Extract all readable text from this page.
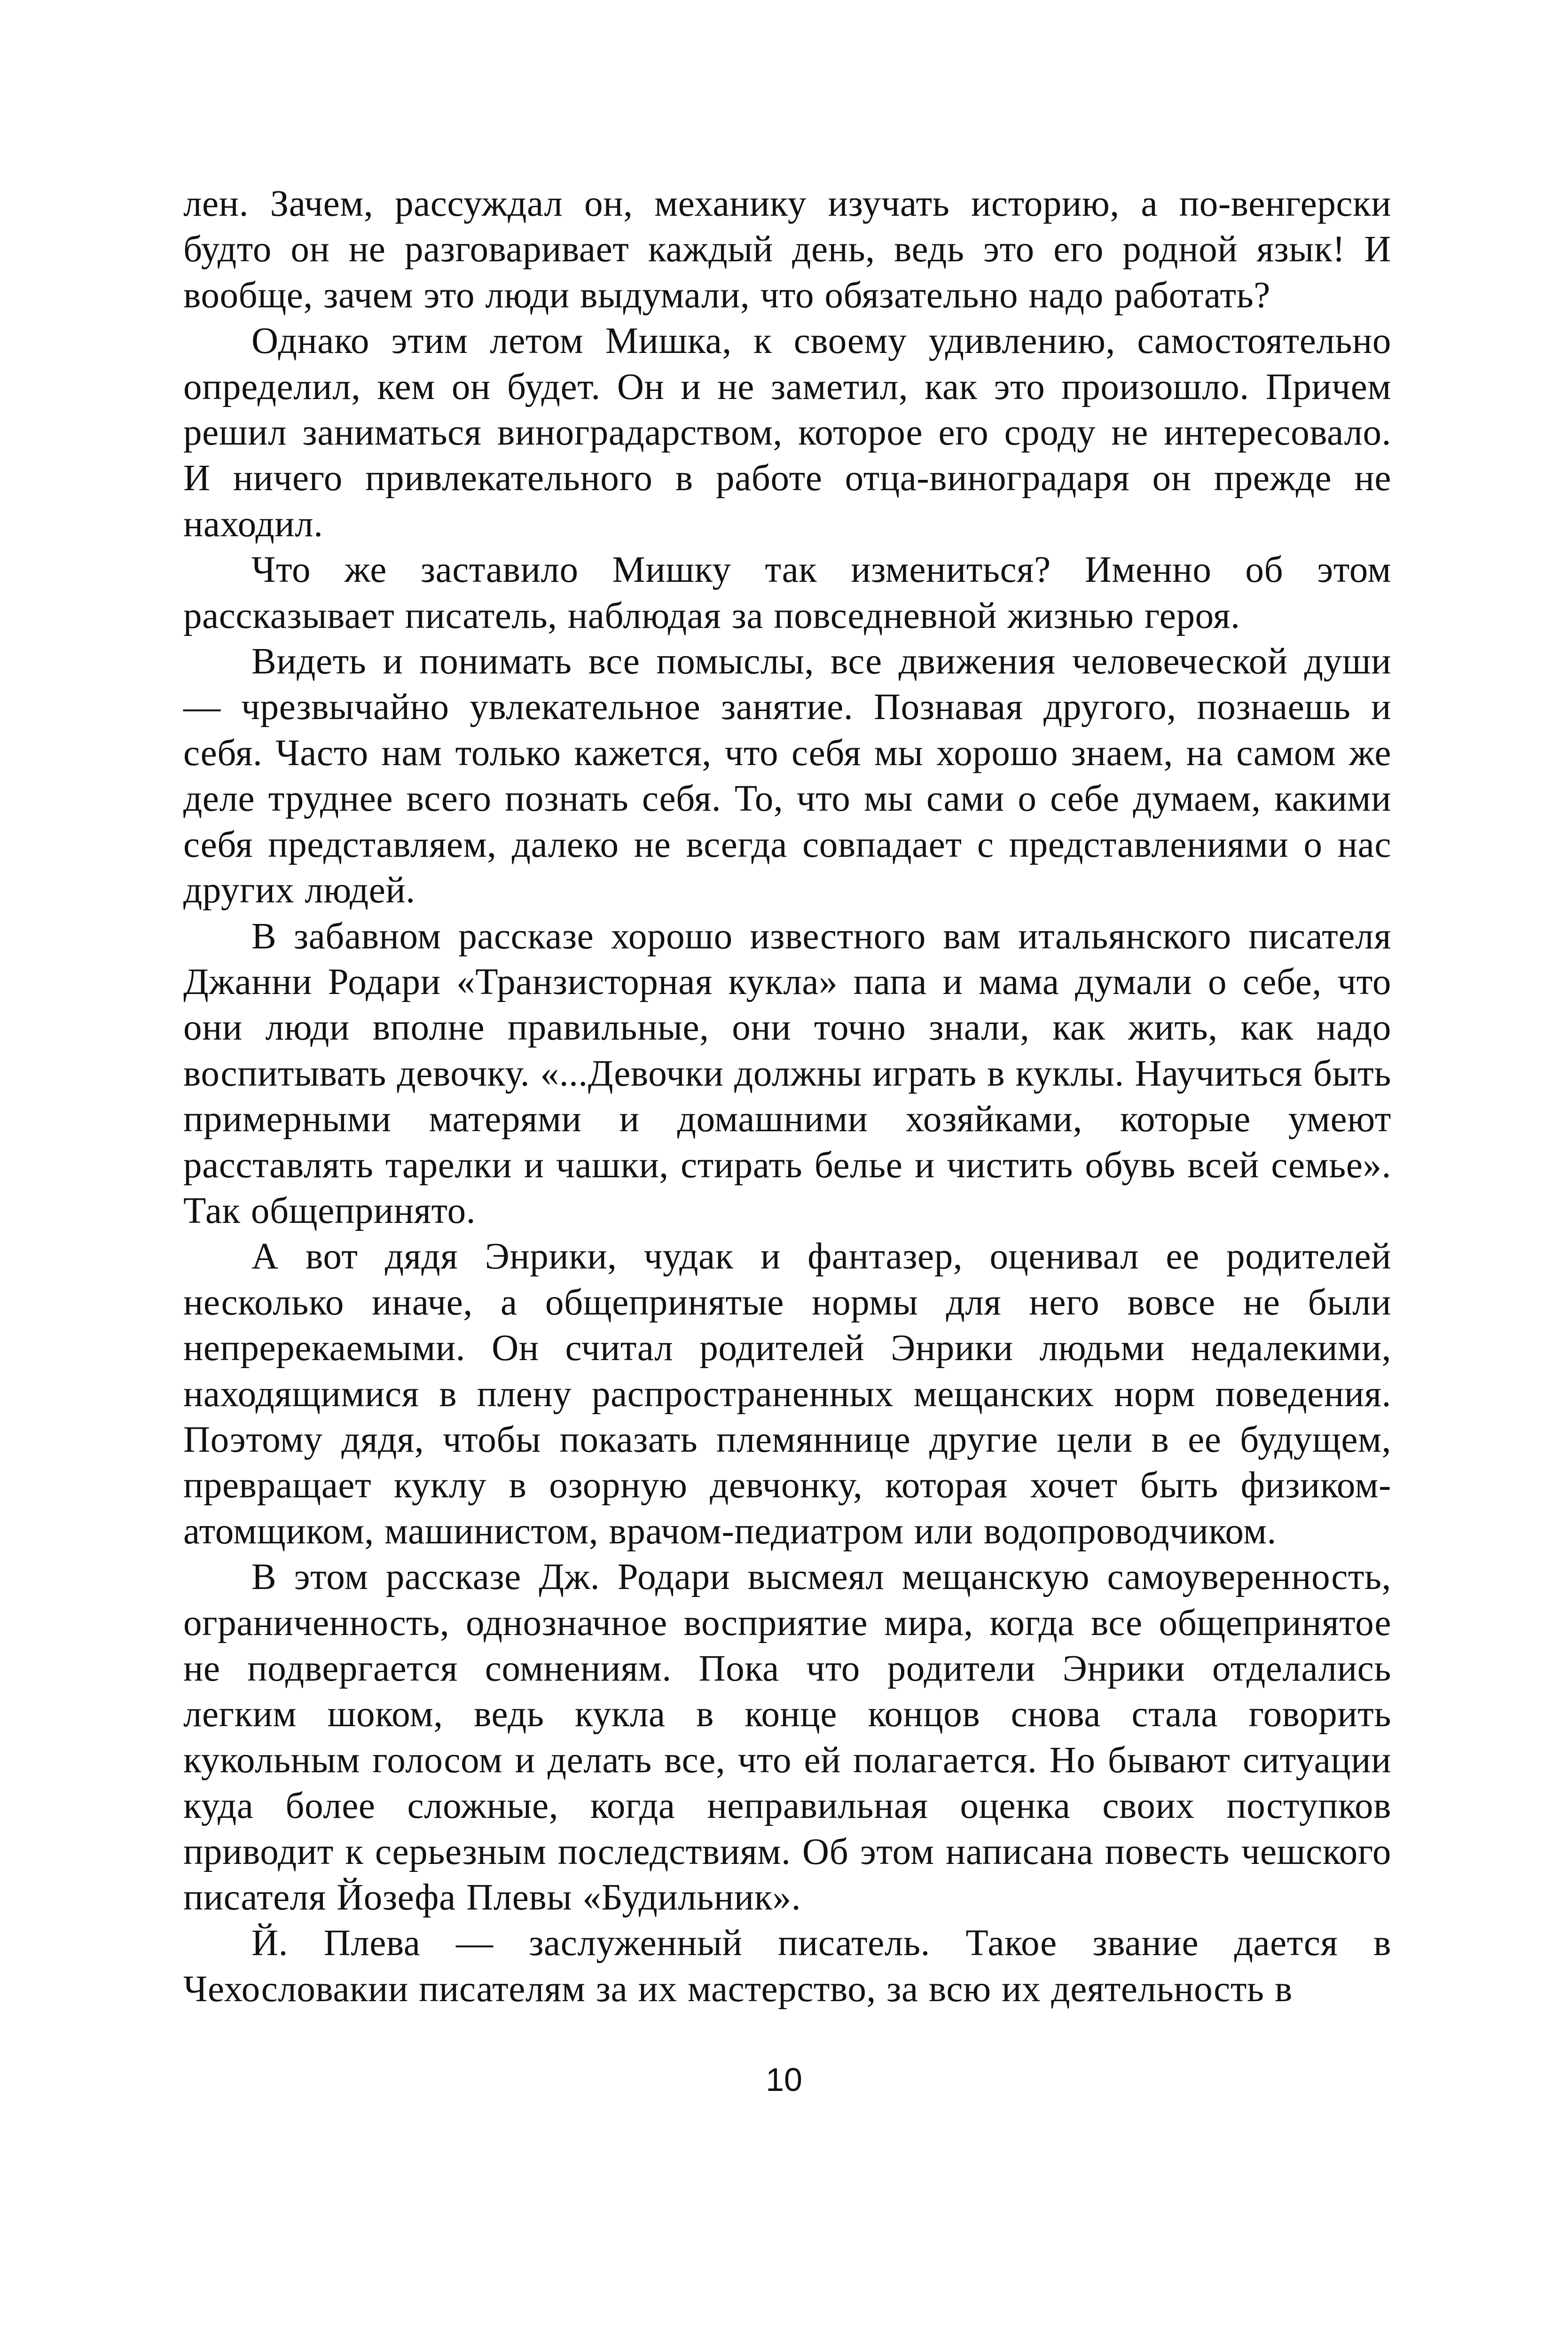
лен. Зачем, рассуждал он, механику изучать историю, а по-венгерски будто он не разговаривает каждый день, ведь это его родной язык! И вообще, зачем это люди выдумали, что обязательно надо работать?

Однако этим летом Мишка, к своему удивлению, самостоятельно определил, кем он будет. Он и не заметил, как это произошло. Причем решил заниматься виноградарством, которое его сроду не интересовало. И ничего привлекательного в работе отца-виноградаря он прежде не находил.

Что же заставило Мишку так измениться? Именно об этом рассказывает писатель, наблюдая за повседневной жизнью героя.

Видеть и понимать все помыслы, все движения человеческой души — чрезвычайно увлекательное занятие. Познавая другого, познаешь и себя. Часто нам только кажется, что себя мы хорошо знаем, на самом же деле труднее всего познать себя. То, что мы сами о себе думаем, какими себя представляем, далеко не всегда совпадает с представлениями о нас других людей.

В забавном рассказе хорошо известного вам итальянского писателя Джанни Родари «Транзисторная кукла» папа и мама думали о себе, что они люди вполне правильные, они точно знали, как жить, как надо воспитывать девочку. «...Девочки должны играть в куклы. Научиться быть примерными матерями и домашними хозяйками, которые умеют расставлять тарелки и чашки, стирать белье и чистить обувь всей семье». Так общепринято.

А вот дядя Энрики, чудак и фантазер, оценивал ее родителей несколько иначе, а общепринятые нормы для него вовсе не были непререкаемыми. Он считал родителей Энрики людьми недалекими, находящимися в плену распространенных мещанских норм поведения. Поэтому дядя, чтобы показать племяннице другие цели в ее будущем, превращает куклу в озорную девчонку, которая хочет быть физиком-атомщиком, машинистом, врачом-педиатром или водопроводчиком.

В этом рассказе Дж. Родари высмеял мещанскую самоуверенность, ограниченность, однозначное восприятие мира, когда все общепринятое не подвергается сомнениям. Пока что родители Энрики отделались легким шоком, ведь кукла в конце концов снова стала говорить кукольным голосом и делать все, что ей полагается. Но бывают ситуации куда более сложные, когда неправильная оценка своих поступков приводит к серьезным последствиям. Об этом написана повесть чешского писателя Йозефа Плевы «Будильник».

Й. Плева — заслуженный писатель. Такое звание дается в Чехословакии писателям за их мастерство, за всю их деятельность в

10
